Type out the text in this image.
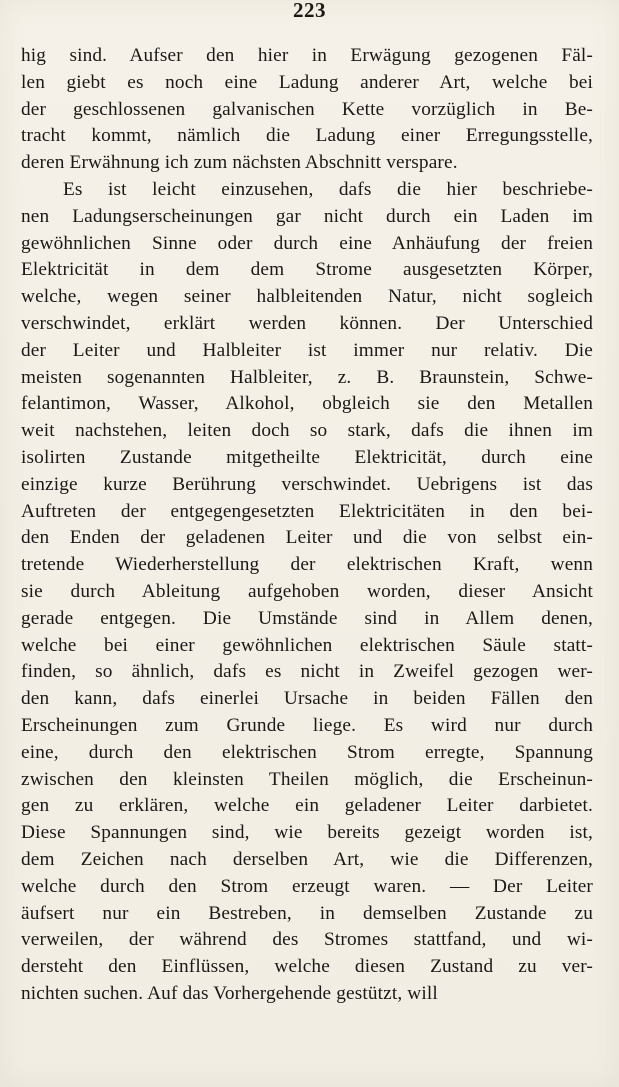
223
hig sind. Aufser den hier in Erwägung gezogenen Fäl-
len giebt es noch eine Ladung anderer Art, welche bei
der geschlossenen galvanischen Kette vorzüglich in Be-
tracht kommt, nämlich die Ladung einer Erregungsstelle,
deren Erwähnung ich zum nächsten Abschnitt verspare.
Es ist leicht einzusehen, dafs die hier beschriebe-
nen Ladungserscheinungen gar nicht durch ein Laden im
gewöhnlichen Sinne oder durch eine Anhäufung der freien
Elektricität in dem dem Strome ausgesetzten Körper,
welche, wegen seiner halbleitenden Natur, nicht sogleich
verschwindet, erklärt werden können. Der Unterschied
der Leiter und Halbleiter ist immer nur relativ. Die
meisten sogenannten Halbleiter, z. B. Braunstein, Schwe-
felantimon, Wasser, Alkohol, obgleich sie den Metallen
weit nachstehen, leiten doch so stark, dafs die ihnen im
isolirten Zustande mitgetheilte Elektricität, durch eine
einzige kurze Berührung verschwindet. Uebrigens ist das
Auftreten der entgegengesetzten Elektricitäten in den bei-
den Enden der geladenen Leiter und die von selbst ein-
tretende Wiederherstellung der elektrischen Kraft, wenn
sie durch Ableitung aufgehoben worden, dieser Ansicht
gerade entgegen. Die Umstände sind in Allem denen,
welche bei einer gewöhnlichen elektrischen Säule statt-
finden, so ähnlich, dafs es nicht in Zweifel gezogen wer-
den kann, dafs einerlei Ursache in beiden Fällen den
Erscheinungen zum Grunde liege. Es wird nur durch
eine, durch den elektrischen Strom erregte, Spannung
zwischen den kleinsten Theilen möglich, die Erscheinun-
gen zu erklären, welche ein geladener Leiter darbietet.
Diese Spannungen sind, wie bereits gezeigt worden ist,
dem Zeichen nach derselben Art, wie die Differenzen,
welche durch den Strom erzeugt waren. — Der Leiter
äufsert nur ein Bestreben, in demselben Zustande zu
verweilen, der während des Stromes stattfand, und wi-
dersteht den Einflüssen, welche diesen Zustand zu ver-
nichten suchen. Auf das Vorhergehende gestützt, will
